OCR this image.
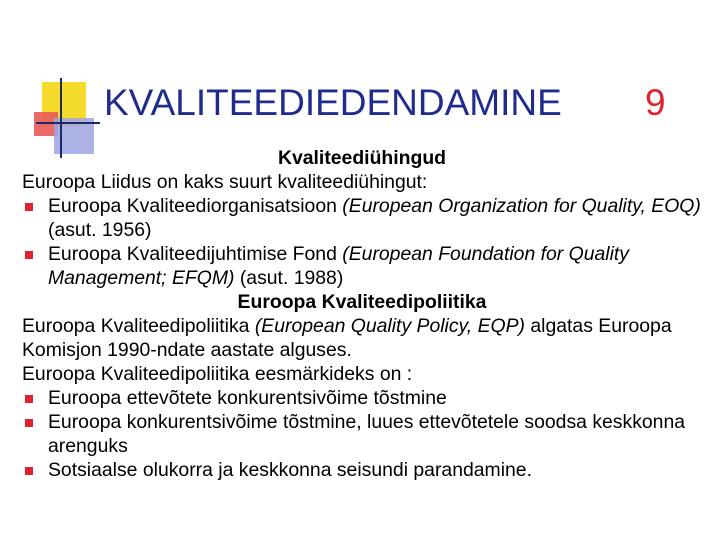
KVALITEEDIEDENDAMINE	9
Kvaliteediühingud
Euroopa Liidus on kaks suurt kvaliteediühingut:
Euroopa Kvaliteediorganisatsioon (European Organization for Quality, EOQ) (asut. 1956)
Euroopa Kvaliteedijuhtimise Fond (European Foundation for Quality Management; EFQM) (asut. 1988)
Euroopa Kvaliteedipoliitika
Euroopa Kvaliteedipoliitika (European Quality Policy, EQP) algatas Euroopa Komisjon 1990-ndate aastate alguses.
Euroopa Kvaliteedipoliitika eesmärkideks on :
Euroopa ettevõtete konkurentsivõime tõstmine
Euroopa konkurentsivõime tõstmine, luues ettevõtetele soodsa keskkonna arenguks
Sotsiaalse olukorra ja keskkonna seisundi parandamine.
